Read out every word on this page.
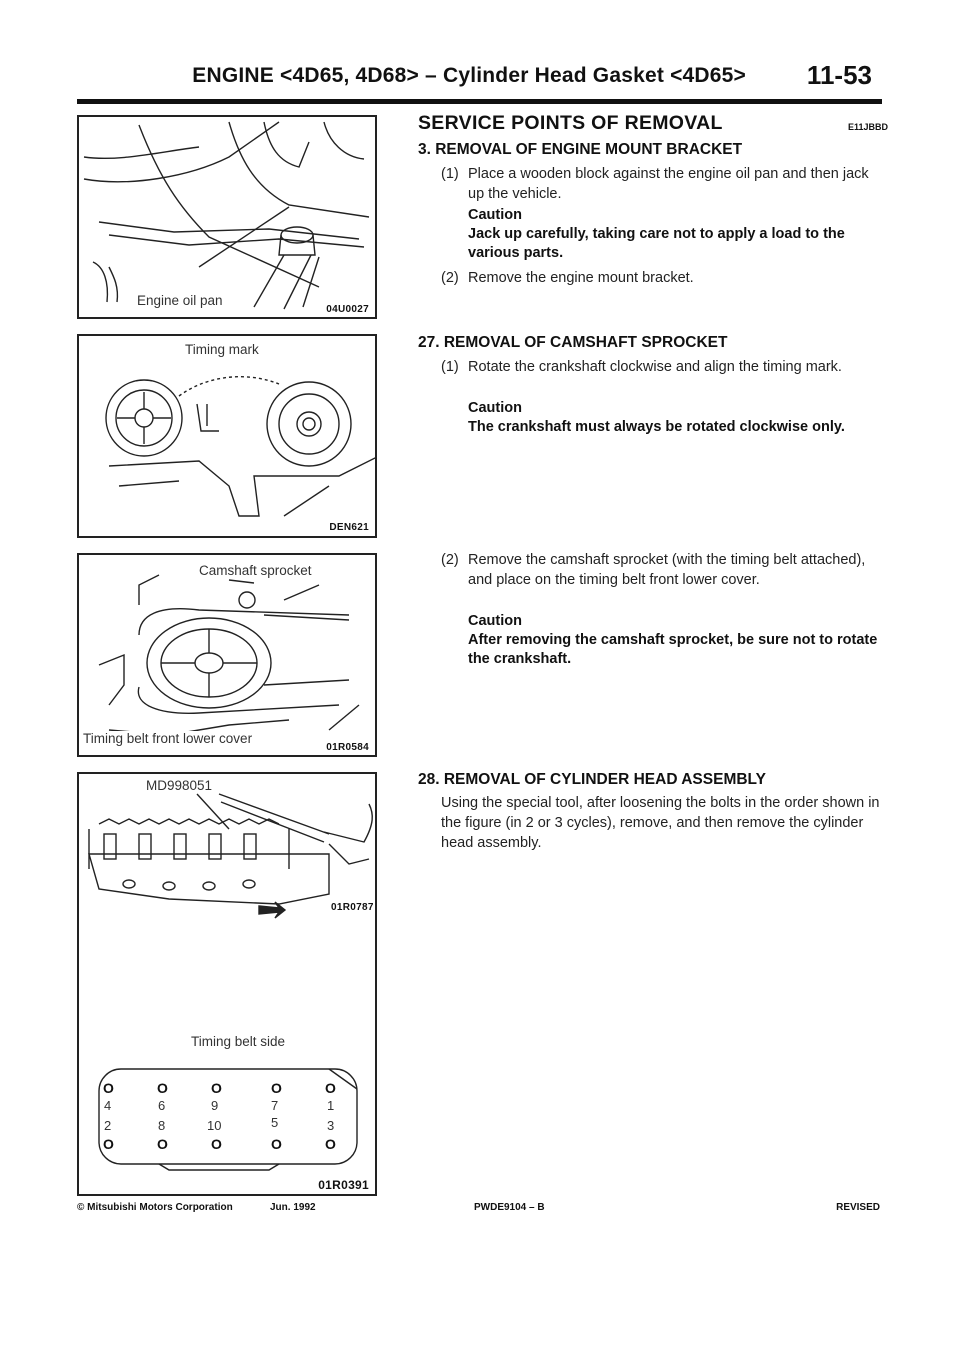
ENGINE <4D65, 4D68> – Cylinder Head Gasket <4D65> 11-53
Engine oil pan
04U0027
Timing mark
DEN621
Camshaft sprocket
Timing belt front lower cover
01R0584
MD998051
01R0787
Timing belt side
O	O	O	O	O
4	6	9	7	1
2	8	10	5	3
O	O	O	O	O
01R0391
SERVICE POINTS OF REMOVAL	E11JBBD
3. REMOVAL OF ENGINE MOUNT BRACKET
(1) Place a wooden block against the engine oil pan and then jack up the vehicle.
Caution
Jack up carefully, taking care not to apply a load to the various parts.
(2) Remove the engine mount bracket.
27. REMOVAL OF CAMSHAFT SPROCKET
(1) Rotate the crankshaft clockwise and align the timing mark.
Caution
The crankshaft must always be rotated clockwise only.
(2) Remove the camshaft sprocket (with the timing belt attached), and place on the timing belt front lower cover.
Caution
After removing the camshaft sprocket, be sure not to rotate the crankshaft.
28. REMOVAL OF CYLINDER HEAD ASSEMBLY
Using the special tool, after loosening the bolts in the order shown in the figure (in 2 or 3 cycles), remove, and then remove the cylinder head assembly.
© Mitsubishi Motors Corporation	Jun. 1992	PWDE9104 – B	REVISED
